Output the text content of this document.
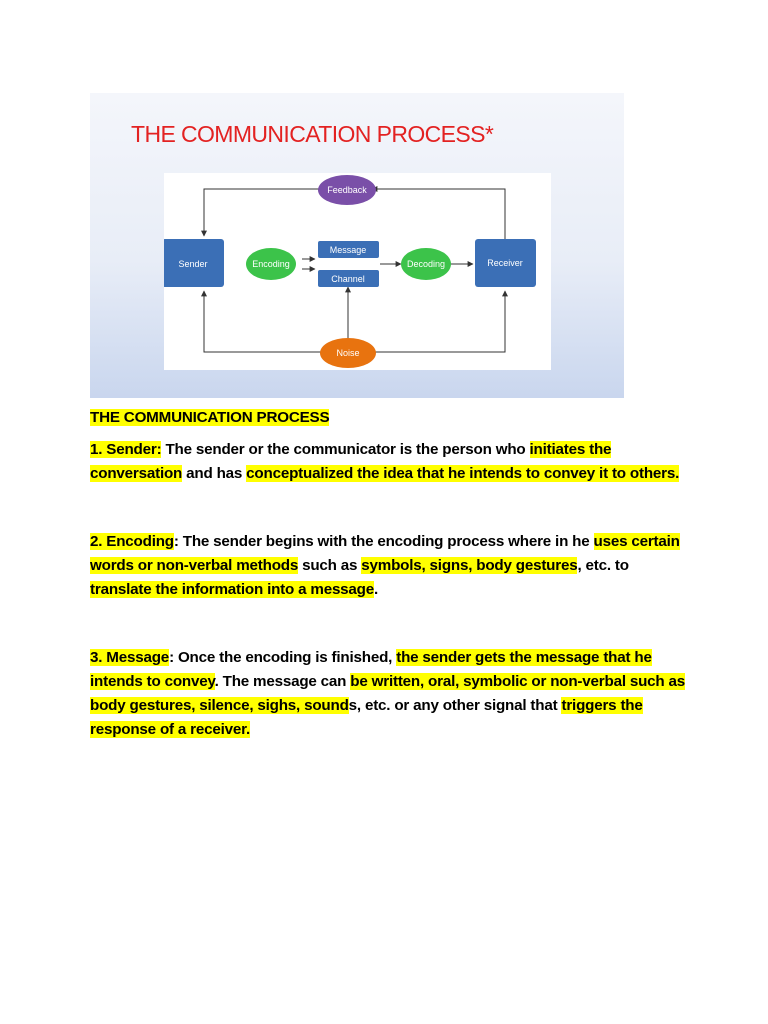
THE COMMUNICATION PROCESS*
Feedback
Sender	Encoding
Message
Channel
Decoding	Receiver
Noise

THE COMMUNICATION PROCESS

1. Sender: The sender or the communicator is the person who initiates the conversation and has conceptualized the idea that he intends to convey it to others.

2. Encoding: The sender begins with the encoding process where in he uses certain words or non-verbal methods such as symbols, signs, body gestures, etc. to translate the information into a message.

3. Message: Once the encoding is finished, the sender gets the message that he intends to convey. The message can be written, oral, symbolic or non-verbal such as body gestures, silence, sighs, sounds, etc. or any other signal that triggers the response of a receiver.
